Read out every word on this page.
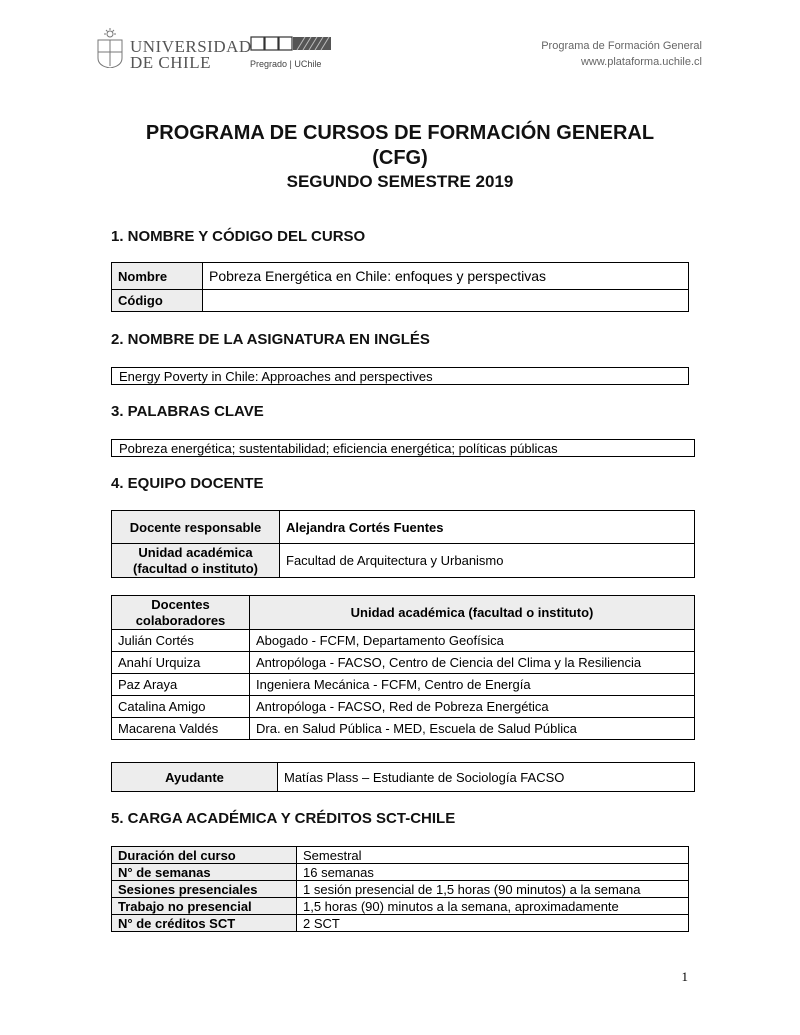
UNIVERSIDAD
DE CHILE	Pregrado | UChile
Programa de Formación General
www.plataforma.uchile.cl
PROGRAMA DE CURSOS DE FORMACIÓN GENERAL
(CFG)
SEGUNDO SEMESTRE 2019
1. NOMBRE Y CÓDIGO DEL CURSO
Nombre	Pobreza Energética en Chile: enfoques y perspectivas
Código	
2. NOMBRE DE LA ASIGNATURA EN INGLÉS
Energy Poverty in Chile: Approaches and perspectives
3. PALABRAS CLAVE
Pobreza energética; sustentabilidad; eficiencia energética; políticas públicas
4. EQUIPO DOCENTE
Docente responsable	Alejandra Cortés Fuentes

Unidad académica
(facultad o instituto)	Facultad de Arquitectura y Urbanismo
Docentes
colaboradores	Unidad académica (facultad o instituto)
Julián Cortés	Abogado - FCFM, Departamento Geofísica
Anahí Urquiza	Antropóloga - FACSO, Centro de Ciencia del Clima y la Resiliencia
Paz Araya	Ingeniera Mecánica - FCFM, Centro de Energía
Catalina Amigo	Antropóloga - FACSO, Red de Pobreza Energética
Macarena Valdés	Dra. en Salud Pública - MED, Escuela de Salud Pública
Ayudante	Matías Plass – Estudiante de Sociología FACSO
5. CARGA ACADÉMICA Y CRÉDITOS SCT-CHILE
Duración del curso	Semestral
N° de semanas	16 semanas
Sesiones presenciales	1 sesión presencial de 1,5 horas (90 minutos) a la semana
Trabajo no presencial	1,5 horas (90) minutos a la semana, aproximadamente
N° de créditos SCT	2 SCT
1
